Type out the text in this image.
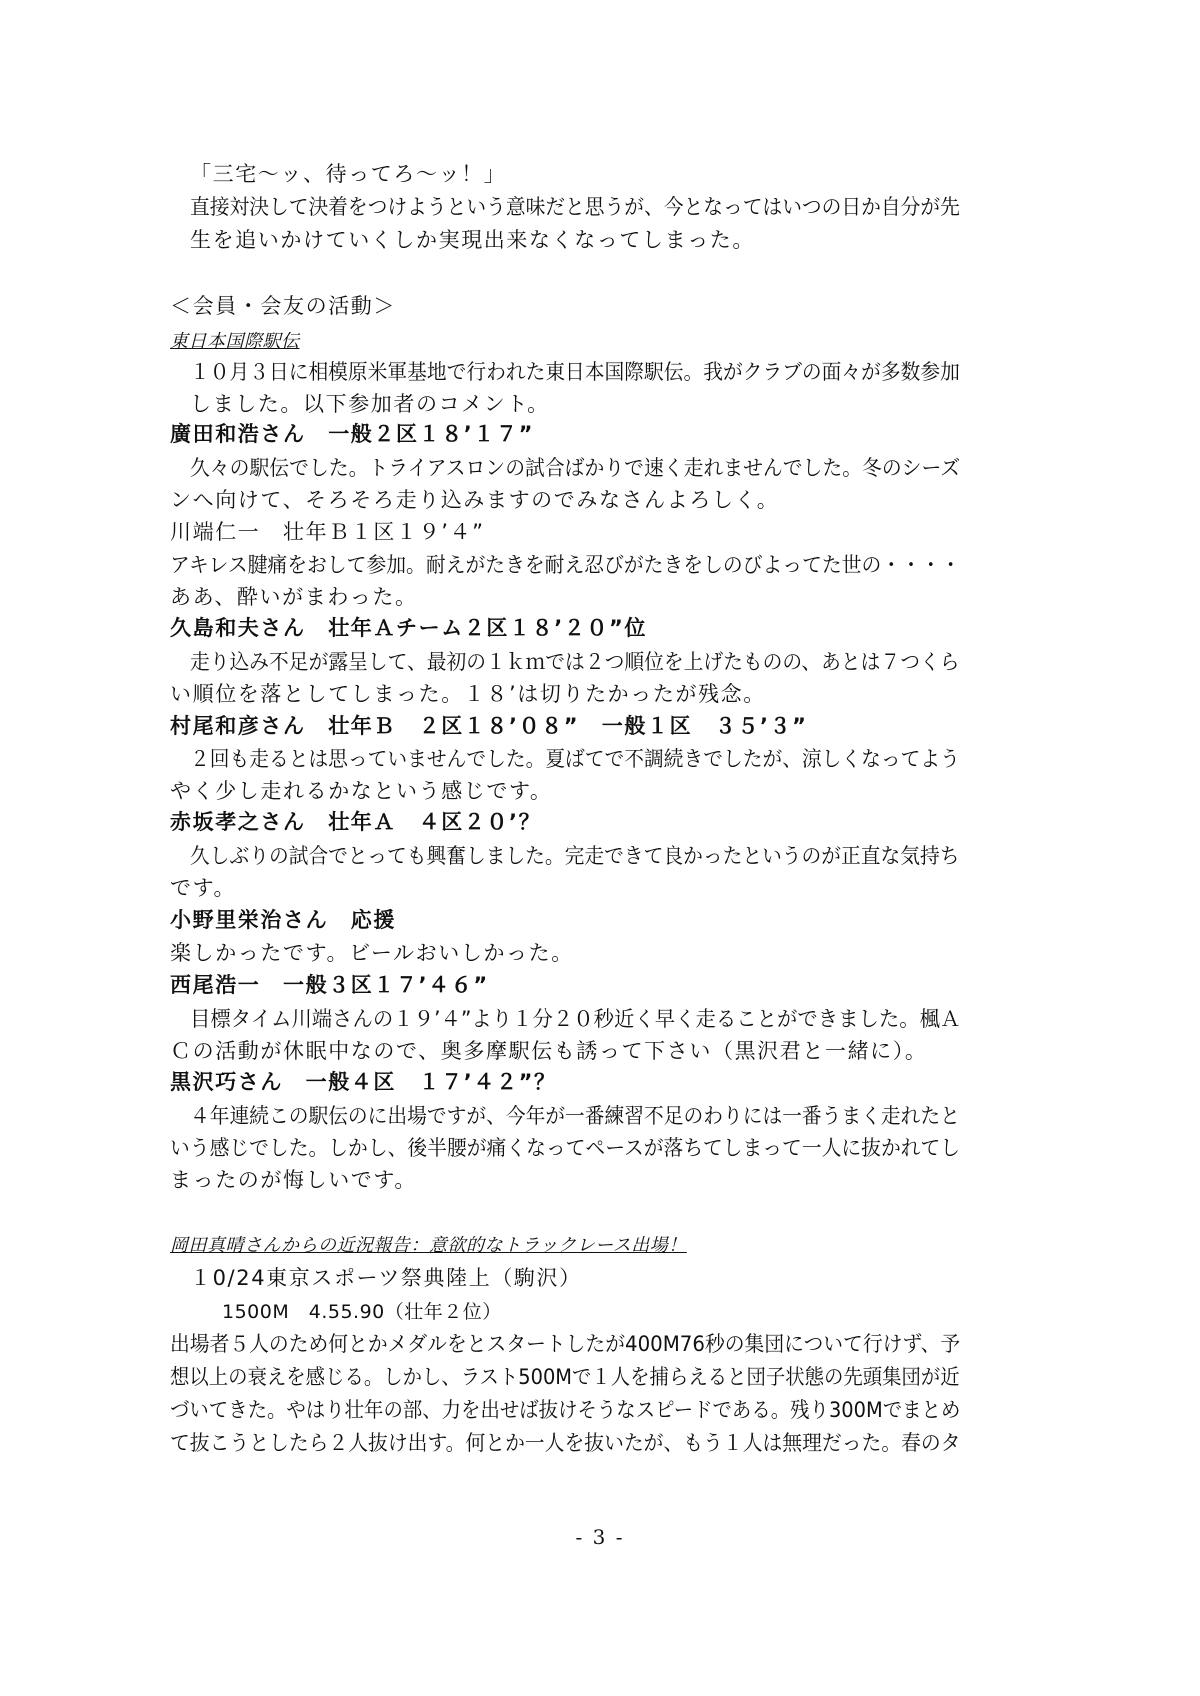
「三宅～ッ、待ってろ～ッ！」
直接対決して決着をつけようという意味だと思うが、今となってはいつの日か自分が先
生を追いかけていくしか実現出来なくなってしまった。
＜会員・会友の活動＞
東日本国際駅伝
１０月３日に相模原米軍基地で行われた東日本国際駅伝。我がクラブの面々が多数参加
しました。以下参加者のコメント。
廣田和浩さん　一般２区１８’１７”
久々の駅伝でした。トライアスロンの試合ばかりで速く走れませんでした。冬のシーズ
ンへ向けて、そろそろ走り込みますのでみなさんよろしく。
川端仁一　壮年Ｂ１区１９’４”
アキレス腱痛をおして参加。耐えがたきを耐え忍びがたきをしのびよってた世の・・・・
ああ、酔いがまわった。
久島和夫さん　壮年Ａチーム２区１８’２０”位
走り込み不足が露呈して、最初の１ｋｍでは２つ順位を上げたものの、あとは７つくら
い順位を落としてしまった。１８’は切りたかったが残念。
村尾和彦さん　壮年Ｂ　２区１８’０８”　一般１区　３５’３”
２回も走るとは思っていませんでした。夏ばてで不調続きでしたが、涼しくなってよう
やく少し走れるかなという感じです。
赤坂孝之さん　壮年Ａ　４区２０’？
久しぶりの試合でとっても興奮しました。完走できて良かったというのが正直な気持ち
です。
小野里栄治さん　応援
楽しかったです。ビールおいしかった。
西尾浩一　一般３区１７’４６”
目標タイム川端さんの１９’４”より１分２０秒近く早く走ることができました。楓Ａ
Ｃの活動が休眠中なので、奥多摩駅伝も誘って下さい（黒沢君と一緒に）。
黒沢巧さん　一般４区　１７’４２”？
４年連続この駅伝のに出場ですが、今年が一番練習不足のわりには一番うまく走れたと
いう感じでした。しかし、後半腰が痛くなってペースが落ちてしまって一人に抜かれてし
まったのが悔しいです。
岡田真晴さんからの近況報告：意欲的なトラックレース出場！
１0/24東京スポーツ祭典陸上（駒沢）
1500M　4.55.90（壮年２位）
出場者５人のため何とかメダルをとスタートしたが400M76秒の集団について行けず、予
想以上の衰えを感じる。しかし、ラスト500Mで１人を捕らえると団子状態の先頭集団が近
づいてきた。やはり壮年の部、力を出せば抜けそうなスピードである。残り300Mでまとめ
て抜こうとしたら２人抜け出す。何とか一人を抜いたが、もう１人は無理だった。春のタ
- 3 -
